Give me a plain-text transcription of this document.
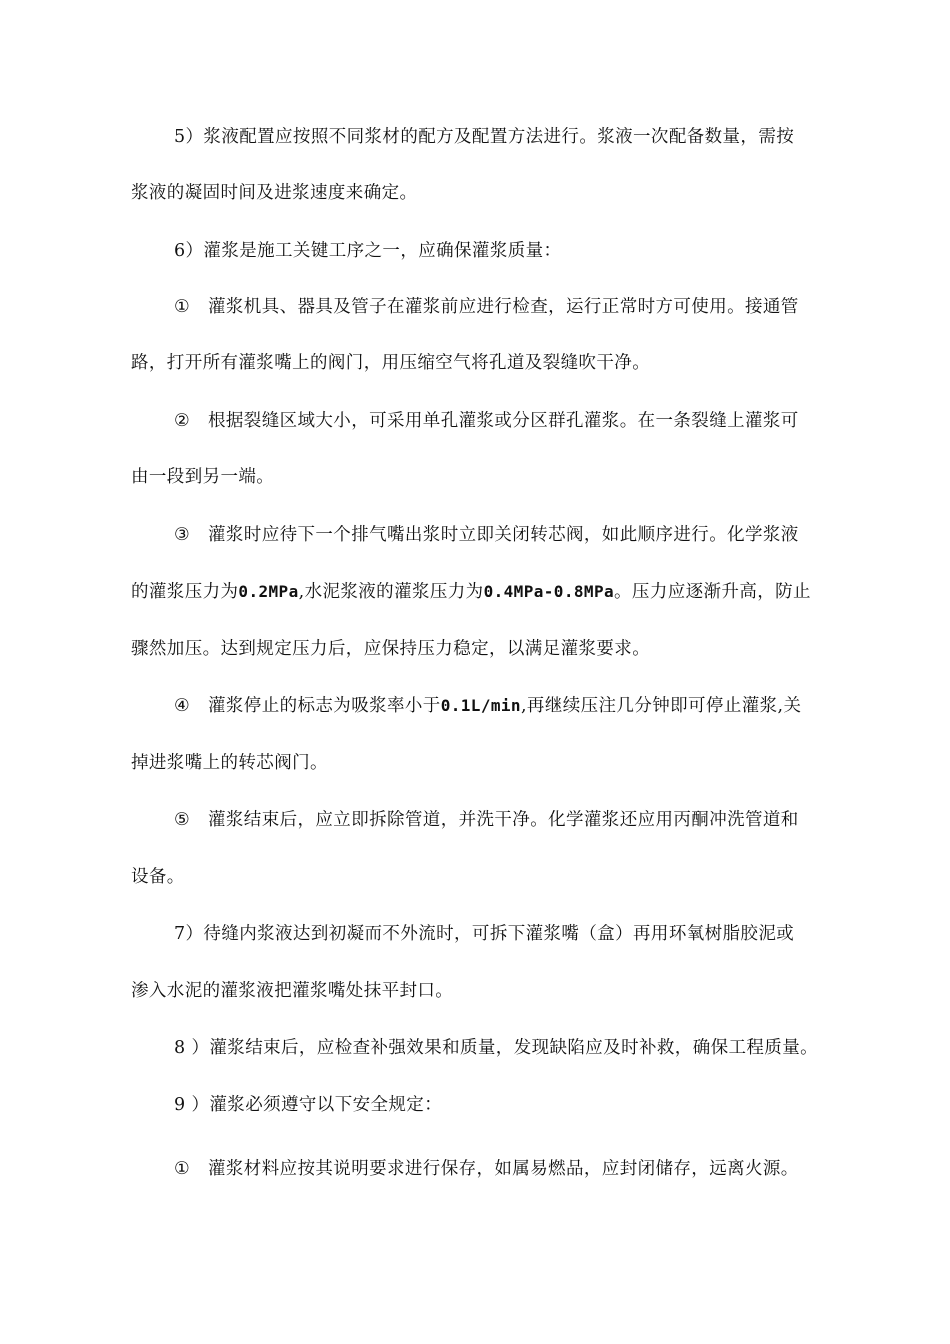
5）浆液配置应按照不同浆材的配方及配置方法进行。浆液一次配备数量，需按
浆液的凝固时间及进浆速度来确定。
6）灌浆是施工关键工序之一，应确保灌浆质量：
① 灌浆机具、器具及管子在灌浆前应进行检查，运行正常时方可使用。接通管
路，打开所有灌浆嘴上的阀门，用压缩空气将孔道及裂缝吹干净。
② 根据裂缝区域大小，可采用单孔灌浆或分区群孔灌浆。在一条裂缝上灌浆可
由一段到另一端。
③ 灌浆时应待下一个排气嘴出浆时立即关闭转芯阀，如此顺序进行。化学浆液
的灌浆压力为0.2MPa,水泥浆液的灌浆压力为0.4MPa-0.8MPa。压力应逐渐升高，防止
骤然加压。达到规定压力后，应保持压力稳定，以满足灌浆要求。
④ 灌浆停止的标志为吸浆率小于0.1L/min,再继续压注几分钟即可停止灌浆,关
掉进浆嘴上的转芯阀门。
⑤ 灌浆结束后，应立即拆除管道，并洗干净。化学灌浆还应用丙酮冲洗管道和
设备。
7）待缝内浆液达到初凝而不外流时，可拆下灌浆嘴（盒）再用环氧树脂胶泥或
渗入水泥的灌浆液把灌浆嘴处抹平封口。
8 ）灌浆结束后，应检查补强效果和质量，发现缺陷应及时补救，确保工程质量。
9 ）灌浆必须遵守以下安全规定：
① 灌浆材料应按其说明要求进行保存，如属易燃品，应封闭储存，远离火源。
